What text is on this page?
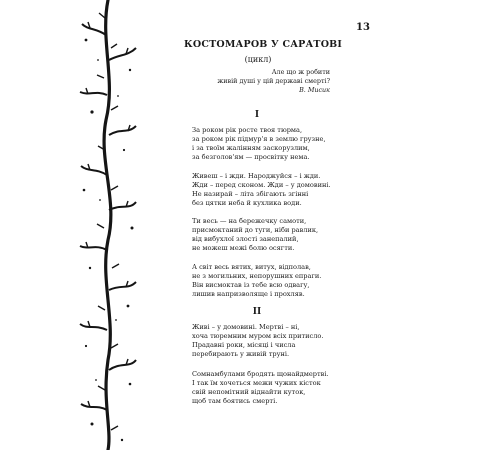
13
КОСТОМАРОВ У САРАТОВІ
(цикл)
Але що ж робити
живій душі у цій державі смерті?
В. Мисик
I
За роком рік росте твоя тюрма,
за роком рік підмур'я в землю грузне,
і за твоїм жалінням заскорузлим,
за безголов'ям — просвітку нема.
Живеш – і жди. Народжуйся – і жди.
Жди – перед сконом. Жди – у домовині.
Не назирай – літа збігають згінні
без цятки неба й кухлика води.
Ти весь — на бережечку самоти,
присмоктаний до туги, ніби равлик,
від вибухлої злості занепалий,
не можеш межі болю осягти.
А світ весь вятих, витух, відполав,
не з могильних, непорушних епраги.
Він висмоктав із тебе всю одвагу,
лишив напризволяще і прохляв.
II
Живі – у домовині. Мертві – ні,
хоча тюремним муром всіх притисло.
Прадавні роки, місяці і числа
перебирають у живій труні.
Сомнамбулами бродять щонайдмертві.
І так їм хочеться межи чужих кісток
свій непомітний віднайти куток,
щоб там боятись смерті.
